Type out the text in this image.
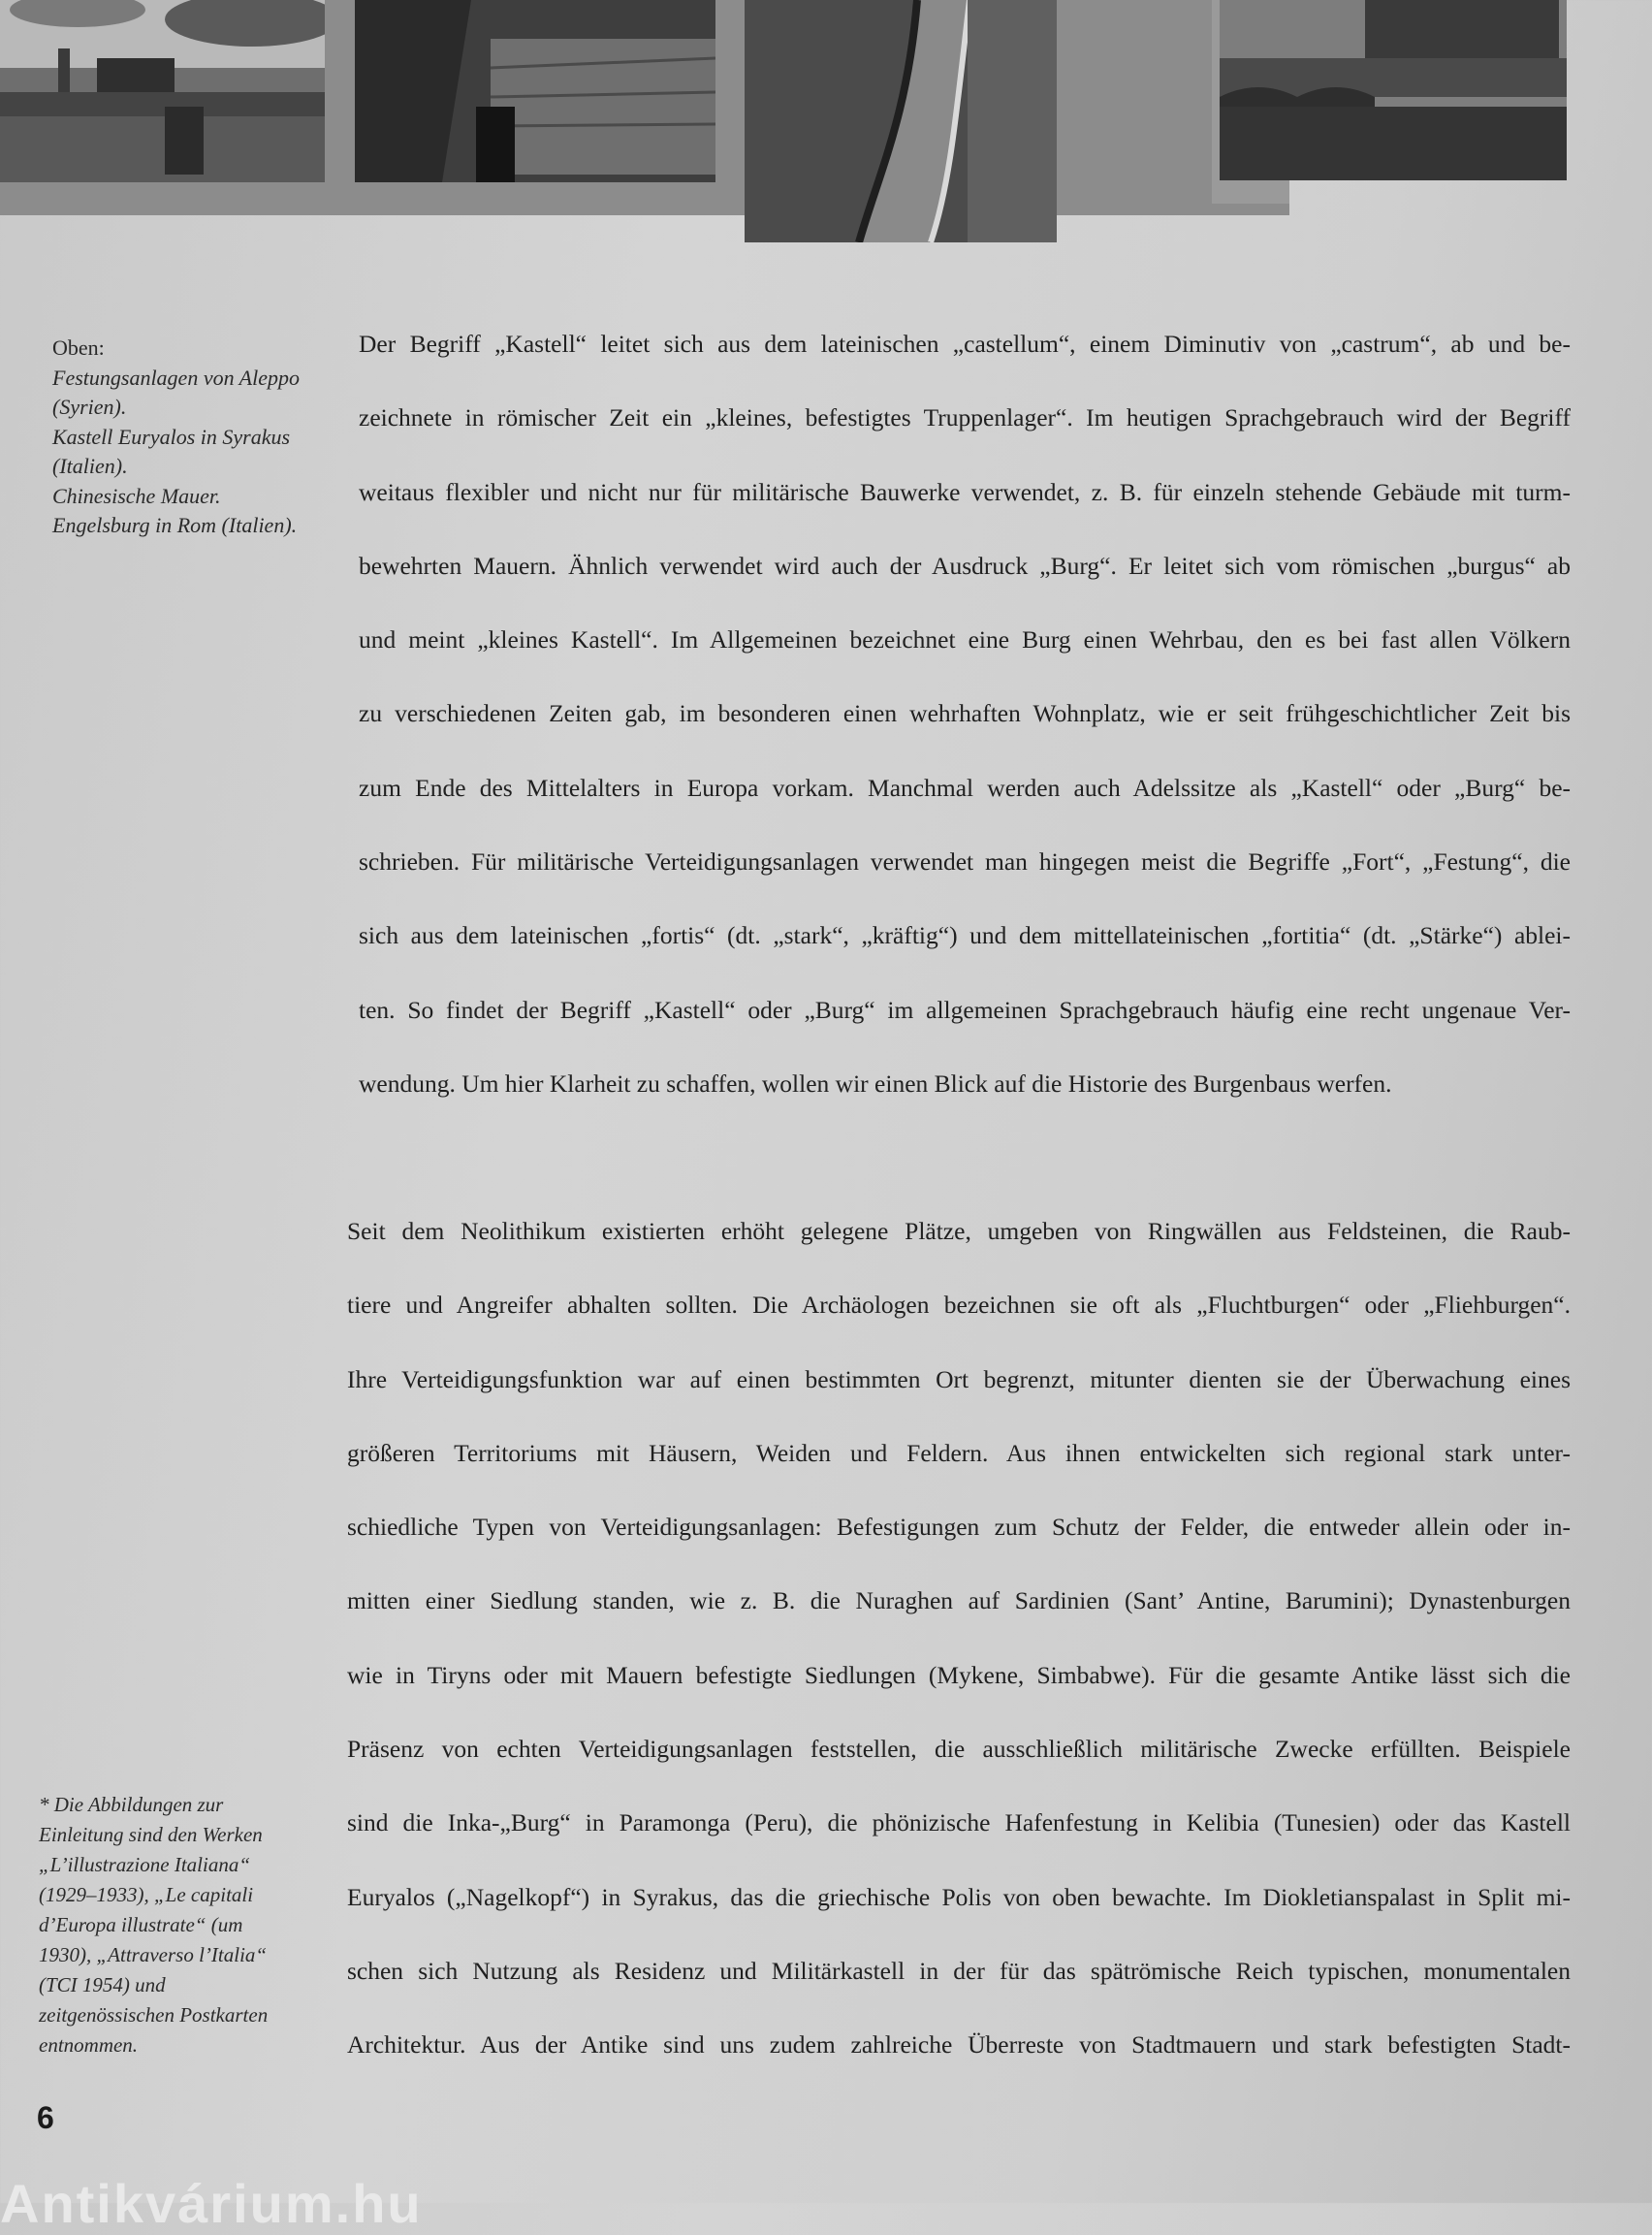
Oben:
Festungsanlagen von Aleppo
(Syrien).
Kastell Euryalos in Syrakus
(Italien).
Chinesische Mauer.
Engelsburg in Rom (Italien).
Der Begriff „Kastell“ leitet sich aus dem lateinischen „castellum“, einem Diminutiv von „castrum“, ab und be-
zeichnete in römischer Zeit ein „kleines, befestigtes Truppenlager“. Im heutigen Sprachgebrauch wird der Begriff
weitaus flexibler und nicht nur für militärische Bauwerke verwendet, z. B. für einzeln stehende Gebäude mit turm-
bewehrten Mauern. Ähnlich verwendet wird auch der Ausdruck „Burg“. Er leitet sich vom römischen „burgus“ ab
und meint „kleines Kastell“. Im Allgemeinen bezeichnet eine Burg einen Wehrbau, den es bei fast allen Völkern
zu verschiedenen Zeiten gab, im besonderen einen wehrhaften Wohnplatz, wie er seit frühgeschichtlicher Zeit bis
zum Ende des Mittelalters in Europa vorkam. Manchmal werden auch Adelssitze als „Kastell“ oder „Burg“ be-
schrieben. Für militärische Verteidigungsanlagen verwendet man hingegen meist die Begriffe „Fort“, „Festung“, die
sich aus dem lateinischen „fortis“ (dt. „stark“, „kräftig“) und dem mittellateinischen „fortitia“ (dt. „Stärke“) ablei-
ten. So findet der Begriff „Kastell“ oder „Burg“ im allgemeinen Sprachgebrauch häufig eine recht ungenaue Ver-
wendung. Um hier Klarheit zu schaffen, wollen wir einen Blick auf die Historie des Burgenbaus werfen.
Seit dem Neolithikum existierten erhöht gelegene Plätze, umgeben von Ringwällen aus Feldsteinen, die Raub-
tiere und Angreifer abhalten sollten. Die Archäologen bezeichnen sie oft als „Fluchtburgen“ oder „Fliehburgen“.
Ihre Verteidigungsfunktion war auf einen bestimmten Ort begrenzt, mitunter dienten sie der Überwachung eines
größeren Territoriums mit Häusern, Weiden und Feldern. Aus ihnen entwickelten sich regional stark unter-
schiedliche Typen von Verteidigungsanlagen: Befestigungen zum Schutz der Felder, die entweder allein oder in-
mitten einer Siedlung standen, wie z. B. die Nuraghen auf Sardinien (Sant’ Antine, Barumini); Dynastenburgen
wie in Tiryns oder mit Mauern befestigte Siedlungen (Mykene, Simbabwe). Für die gesamte Antike lässt sich die
Präsenz von echten Verteidigungsanlagen feststellen, die ausschließlich militärische Zwecke erfüllten. Beispiele
sind die Inka-„Burg“ in Paramonga (Peru), die phönizische Hafenfestung in Kelibia (Tunesien) oder das Kastell
Euryalos („Nagelkopf“) in Syrakus, das die griechische Polis von oben bewachte. Im Diokletianspalast in Split mi-
schen sich Nutzung als Residenz und Militärkastell in der für das spätrömische Reich typischen, monumentalen
Architektur. Aus der Antike sind uns zudem zahlreiche Überreste von Stadtmauern und stark befestigten Stadt-
* Die Abbildungen zur
Einleitung sind den Werken
„L’illustrazione Italiana“
(1929–1933), „Le capitali
d’Europa illustrate“ (um
1930), „Attraverso l’Italia“
(TCI 1954) und
zeitgenössischen Postkarten
entnommen.
6
Antikvárium.hu
